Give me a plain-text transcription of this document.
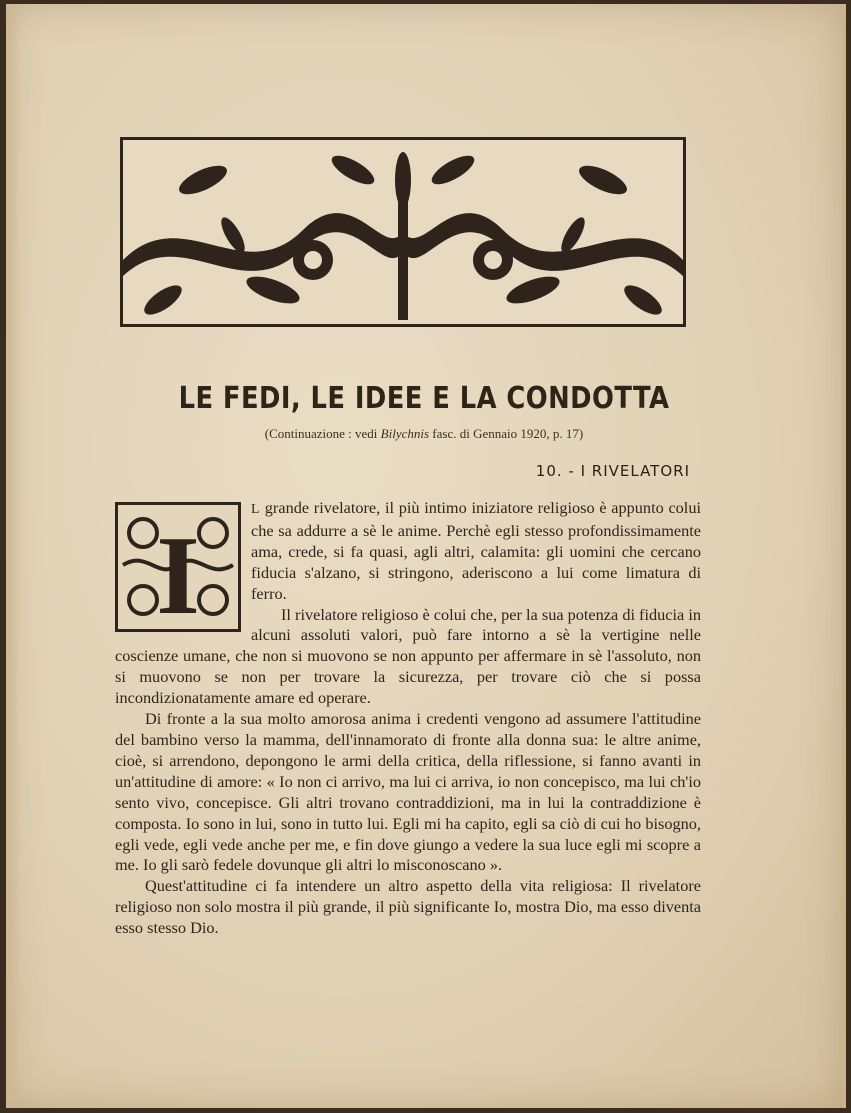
LE FEDI, LE IDEE E LA CONDOTTA
(Continuazione : vedi Bilychnis fasc. di Gennaio 1920, p. 17)
10. - I RIVELATORI
I

L grande rivelatore, il più intimo iniziatore religioso è appunto colui che sa addurre a sè le anime. Perchè egli stesso profondissimamente ama, crede, si fa quasi, agli altri, calamita: gli uomini che cercano fiducia s'alzano, si stringono, aderiscono a lui come limatura di ferro.

Il rivelatore religioso è colui che, per la sua potenza di fiducia in alcuni assoluti valori, può fare intorno a sè la vertigine nelle coscienze umane, che non si muovono se non appunto per affermare in sè l'assoluto, non si muovono se non per trovare la sicurezza, per trovare ciò che si possa incondizionatamente amare ed operare.

Di fronte a la sua molto amorosa anima i credenti vengono ad assumere l'attitudine del bambino verso la mamma, dell'innamorato di fronte alla donna sua: le altre anime, cioè, si arrendono, depongono le armi della critica, della riflessione, si fanno avanti in un'attitudine di amore: « Io non ci arrivo, ma lui ci arriva, io non concepisco, ma lui ch'io sento vivo, concepisce. Gli altri trovano contraddizioni, ma in lui la contraddizione è composta. Io sono in lui, sono in tutto lui. Egli mi ha capito, egli sa ciò di cui ho bisogno, egli vede, egli vede anche per me, e fin dove giungo a vedere la sua luce egli mi scopre a me. Io gli sarò fedele dovunque gli altri lo misconoscano ».

Quest'attitudine ci fa intendere un altro aspetto della vita religiosa: Il rivelatore religioso non solo mostra il più grande, il più significante Io, mostra Dio, ma esso diventa esso stesso Dio.
